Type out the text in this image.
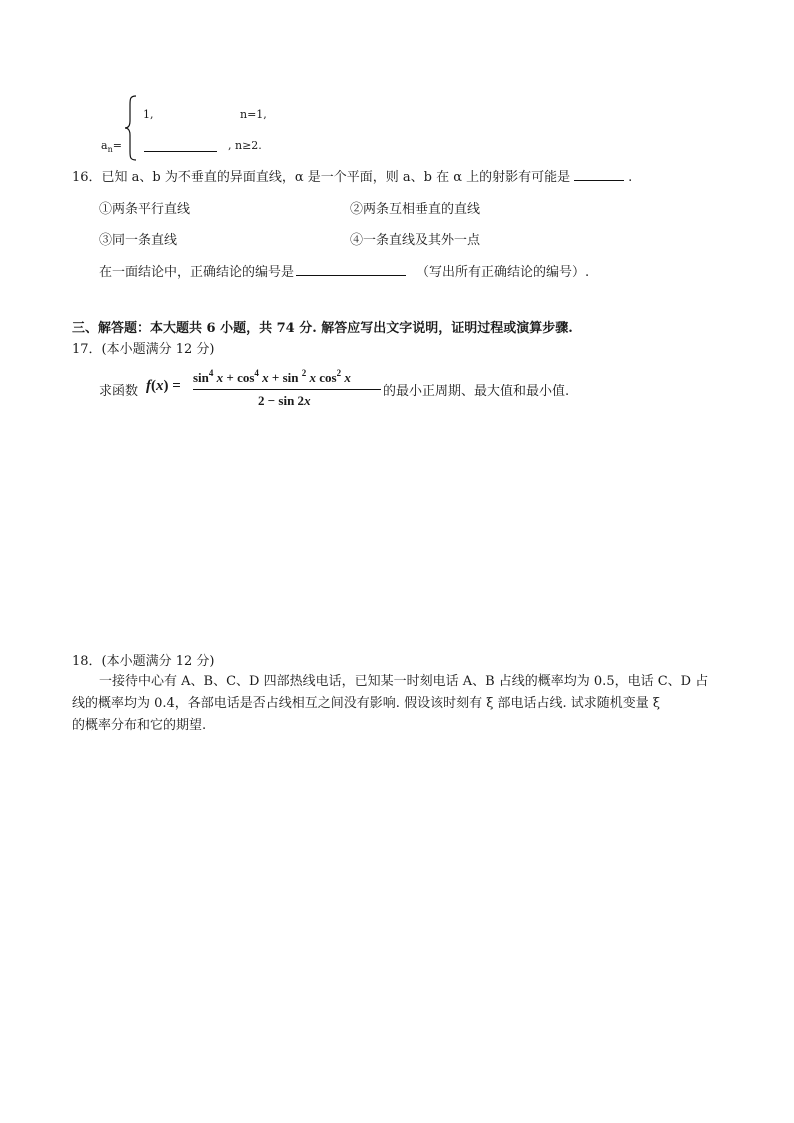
1,	n=1,
$a_n=$	, n≥2.
16．已知 a、b 为不垂直的异面直线，α 是一个平面，则 a、b 在 α 上的射影有可能是	.
①两条平行直线	②两条互相垂直的直线
③同一条直线	④一条直线及其外一点
在一面结论中，正确结论的编号是	（写出所有正确结论的编号）.
三、解答题：本大题共 6 小题，共 74 分. 解答应写出文字说明，证明过程或演算步骤.
17．(本小题满分 12 分)
求函数 f(x) =
$\sin^4 x + \cos^4 x + \sin ^2$ x $\cos^2 x$
2 − sin 2x
的最小正周期、最大值和最小值.
18．(本小题满分 12 分)
一接待中心有 A、B、C、D 四部热线电话，已知某一时刻电话 A、B 占线的概率均为 0.5，电话 C、D 占
线的概率均为 0.4，各部电话是否占线相互之间没有影响. 假设该时刻有 ξ 部电话占线. 试求随机变量 ξ
的概率分布和它的期望.
